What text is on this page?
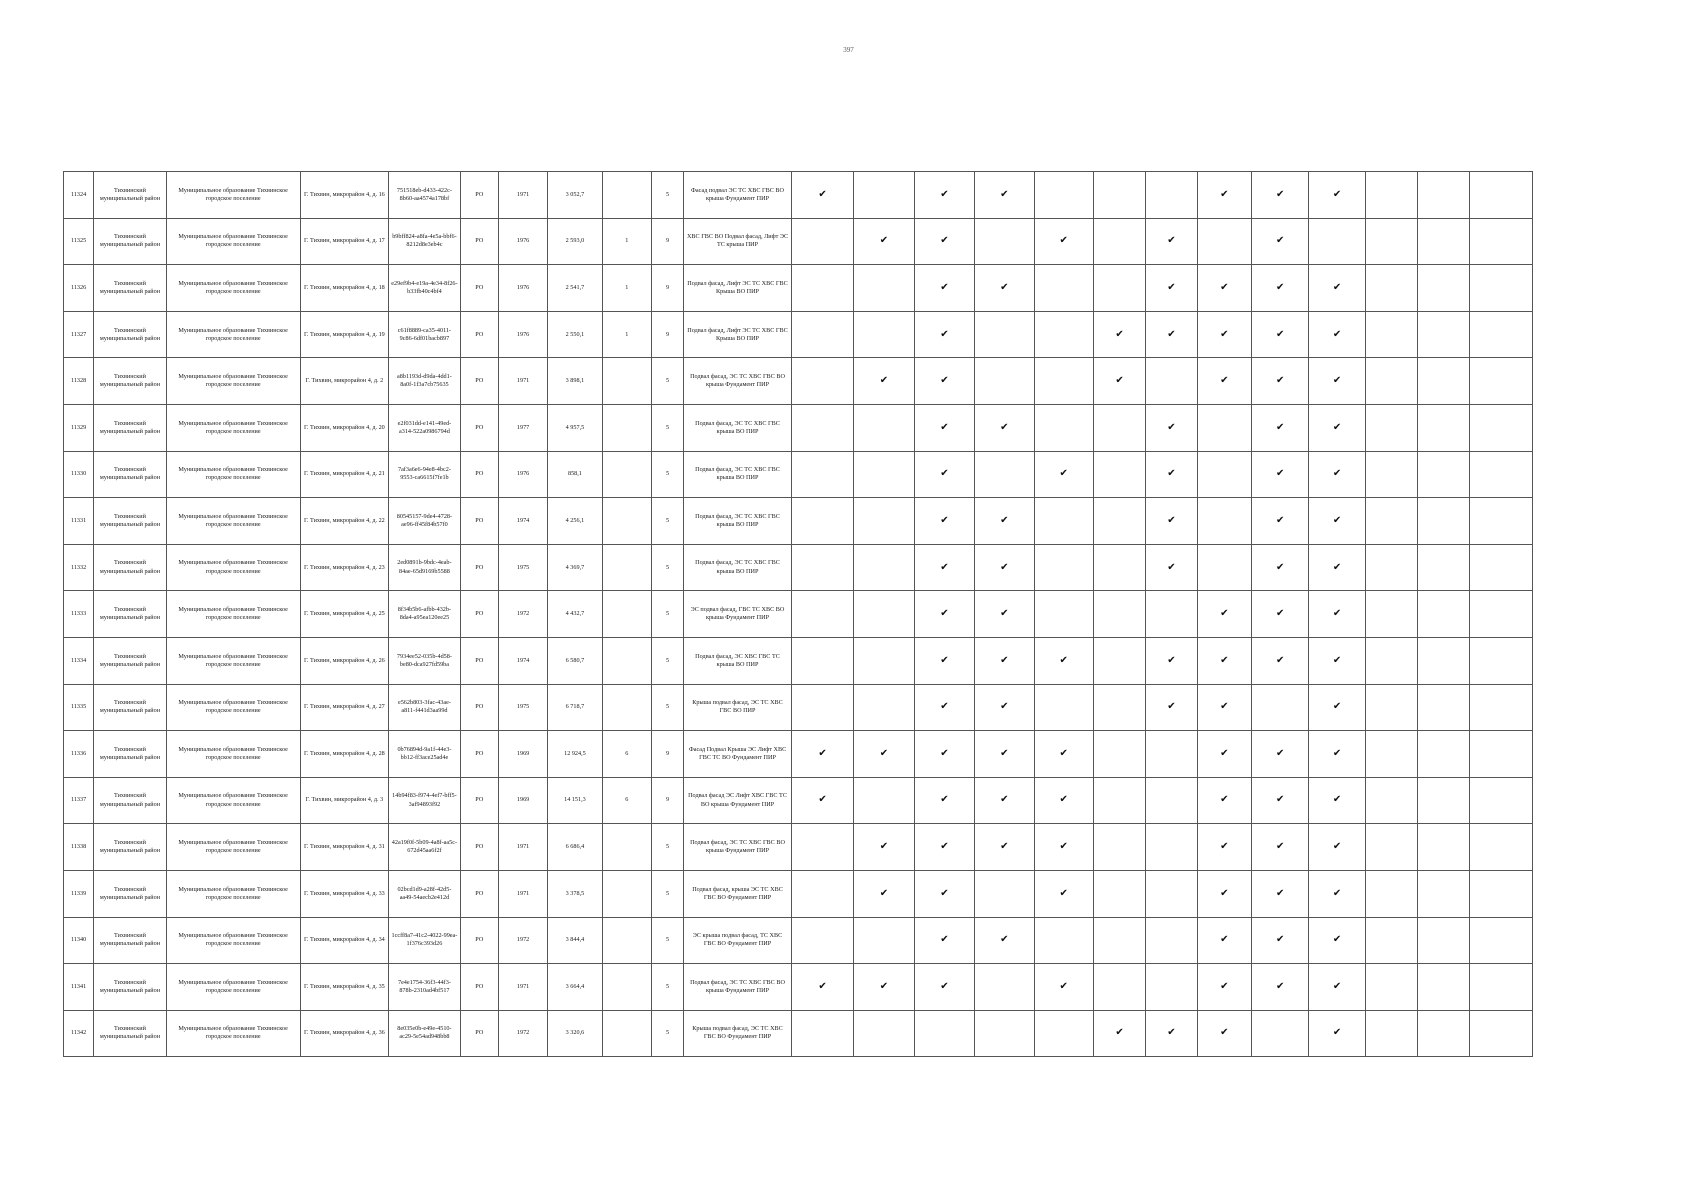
397
11324	Тихвинский муниципальный район	Муниципальное образование Тихвинское городское поселение	Г. Тихвин, микрорайон 4, д. 16	751518eb-d433-422c-8b60-aa4574a178bf	РО	1971	3 052,7		5	Фасад подвал ЭС ТС ХВС ГВС ВО крыша Фундамент ПИР	✔		✔	✔				✔	✔	✔			
11325	Тихвинский муниципальный район	Муниципальное образование Тихвинское городское поселение	Г. Тихвин, микрорайон 4, д. 17	b9bff824-a8fa-4e5a-bbf6-8212d8e3eb4c	РО	1976	2 593,0	1	9	ХВС ГВС ВО Подвал фасад, Лифт ЭС ТС крыша ПИР		✔	✔		✔		✔		✔				
11326	Тихвинский муниципальный район	Муниципальное образование Тихвинское городское поселение	Г. Тихвин, микрорайон 4, д. 18	e29ef9b4-e19a-4e34-8f26-b33fb40c4bf4	РО	1976	2 541,7	1	9	Подвал фасад, Лифт ЭС ТС ХВС ГВС Крыша ВО ПИР			✔	✔			✔	✔	✔	✔			
11327	Тихвинский муниципальный район	Муниципальное образование Тихвинское городское поселение	Г. Тихвин, микрорайон 4, д. 19	c61f8889-ca35-4011-9c86-6df01bacb897	РО	1976	2 550,1	1	9	Подвал фасад, Лифт ЭС ТС ХВС ГВС Крыша ВО ПИР			✔			✔	✔	✔	✔	✔			
11328	Тихвинский муниципальный район	Муниципальное образование Тихвинское городское поселение	Г. Тихвин, микрорайон 4, д. 2	a8b1193d-d9da-4dd1-8a0f-1f3a7cb75635	РО	1971	3 898,1		5	Подвал фасад, ЭС ТС ХВС ГВС ВО крыша Фундамент ПИР		✔	✔			✔		✔	✔	✔			
11329	Тихвинский муниципальный район	Муниципальное образование Тихвинское городское поселение	Г. Тихвин, микрорайон 4, д. 20	e2f031dd-e141-49ed-a314-522a0986794d	РО	1977	4 957,5		5	Подвал фасад, ЭС ТС ХВС ГВС крыша ВО ПИР			✔	✔			✔		✔	✔			
11330	Тихвинский муниципальный район	Муниципальное образование Тихвинское городское поселение	Г. Тихвин, микрорайон 4, д. 21	7af3a6e6-94e8-4bc2-9553-ca6615f7fe1b	РО	1976	858,1		5	Подвал фасад, ЭС ТС ХВС ГВС крыша ВО ПИР			✔		✔		✔		✔	✔			
11331	Тихвинский муниципальный район	Муниципальное образование Тихвинское городское поселение	Г. Тихвин, микрорайон 4, д. 22	80545157-9de4-4728-ae96-ff45f84b57f0	РО	1974	4 256,1		5	Подвал фасад, ЭС ТС ХВС ГВС крыша ВО ПИР			✔	✔			✔		✔	✔			
11332	Тихвинский муниципальный район	Муниципальное образование Тихвинское городское поселение	Г. Тихвин, микрорайон 4, д. 23	2ed0891b-9bdc-4eab-84ae-65d9169b5588	РО	1975	4 369,7		5	Подвал фасад, ЭС ТС ХВС ГВС крыша ВО ПИР			✔	✔			✔		✔	✔			
11333	Тихвинский муниципальный район	Муниципальное образование Тихвинское городское поселение	Г. Тихвин, микрорайон 4, д. 25	8f34b5b6-afbb-432b-8da4-a95ea120ee25	РО	1972	4 432,7		5	ЭС подвал фасад, ГВС ТС ХВС ВО крыша Фундамент ПИР			✔	✔				✔	✔	✔			
11334	Тихвинский муниципальный район	Муниципальное образование Тихвинское городское поселение	Г. Тихвин, микрорайон 4, д. 26	7934ee52-035b-4d58-be80-dca927fd59ba	РО	1974	6 580,7		5	Подвал фасад, ЭС ХВС ГВС ТС крыша ВО ПИР			✔	✔	✔		✔	✔	✔	✔			
11335	Тихвинский муниципальный район	Муниципальное образование Тихвинское городское поселение	Г. Тихвин, микрорайон 4, д. 27	e562b803-3fac-43ae-a811-f441d3aa99d	РО	1975	6 718,7		5	Крыша подвал фасад, ЭС ТС ХВС ГВС ВО ПИР			✔	✔			✔	✔		✔			
11336	Тихвинский муниципальный район	Муниципальное образование Тихвинское городское поселение	Г. Тихвин, микрорайон 4, д. 28	0b76894d-9a1f-44e3-bb12-ff3ace25ad4e	РО	1969	12 924,5	6	9	Фасад Подвал Крыша ЭС Лифт ХВС ГВС ТС ВО Фундамент ПИР	✔	✔	✔	✔	✔			✔	✔	✔			
11337	Тихвинский муниципальный район	Муниципальное образование Тихвинское городское поселение	Г. Тихвин, микрорайон 4, д. 3	14b94f83-f974-4ef7-bff5-3af94893f92	РО	1969	14 151,3	6	9	Подвал фасад ЭС Лифт ХВС ГВС ТС ВО крыша Фундамент ПИР	✔		✔	✔	✔			✔	✔	✔			
11338	Тихвинский муниципальный район	Муниципальное образование Тихвинское городское поселение	Г. Тихвин, микрорайон 4, д. 31	42a19f0f-5b09-4a8f-aa5c-672d45aa6f2f	РО	1971	6 686,4		5	Подвал фасад, ЭС ТС ХВС ГВС ВО крыша Фундамент ПИР		✔	✔	✔	✔			✔	✔	✔			
11339	Тихвинский муниципальный район	Муниципальное образование Тихвинское городское поселение	Г. Тихвин, микрорайон 4, д. 33	02bcd1d9-a28f-42d5-aa49-54aecb2e412d	РО	1971	3 378,5		5	Подвал фасад, крыша ЭС ТС ХВС ГВС ВО Фундамент ПИР		✔	✔		✔			✔	✔	✔			
11340	Тихвинский муниципальный район	Муниципальное образование Тихвинское городское поселение	Г. Тихвин, микрорайон 4, д. 34	1ccff8a7-41c2-4022-99ea-1f376c393d26	РО	1972	3 844,4		5	ЭС крыша подвал фасад, ТС ХВС ГВС ВО Фундамент ПИР			✔	✔				✔	✔	✔			
11341	Тихвинский муниципальный район	Муниципальное образование Тихвинское городское поселение	Г. Тихвин, микрорайон 4, д. 35	7e4e1754-36f3-44f3-878b-2310ad4bf517	РО	1971	3 664,4		5	Подвал фасад, ЭС ТС ХВС ГВС ВО крыша Фундамент ПИР	✔	✔	✔		✔			✔	✔	✔			
11342	Тихвинский муниципальный район	Муниципальное образование Тихвинское городское поселение	Г. Тихвин, микрорайон 4, д. 36	8e035e0b-e49e-4510-ac29-5e54ad948bb8	РО	1972	3 320,6		5	Крыша подвал фасад, ЭС ТС ХВС ГВС ВО Фундамент ПИР						✔	✔	✔		✔			
